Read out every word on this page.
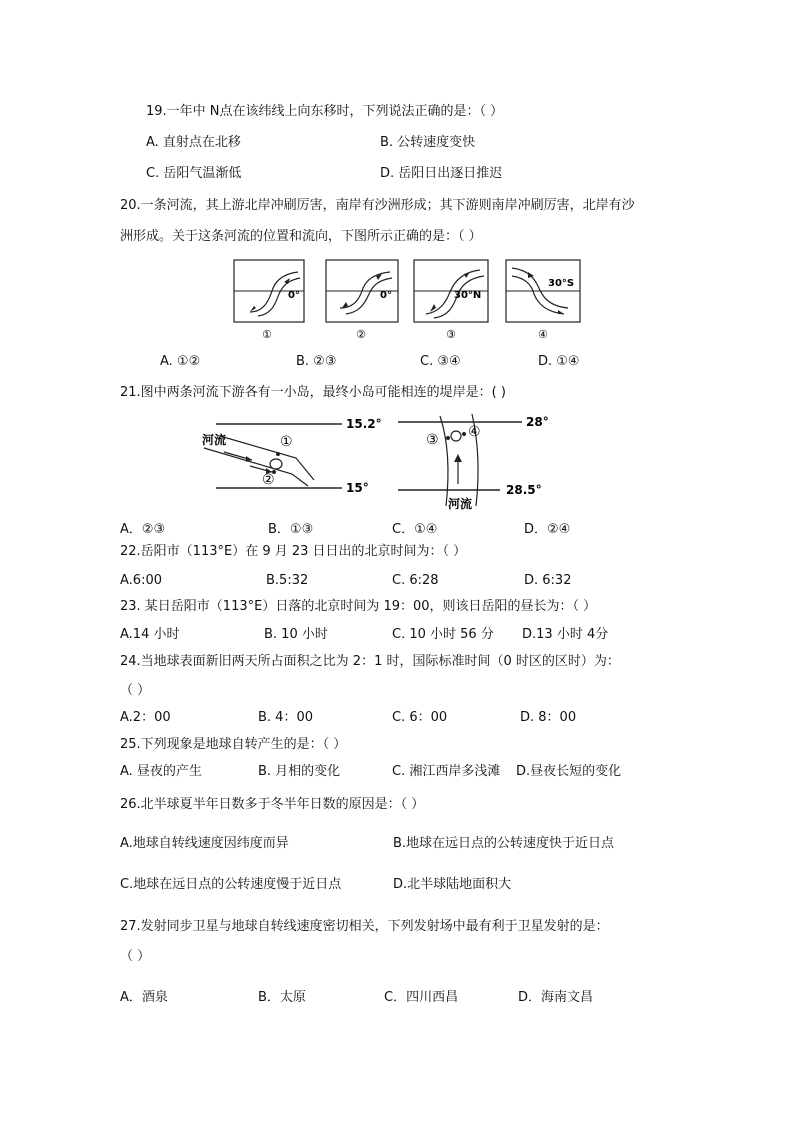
19.一年中 N点在该纬线上向东移时，下列说法正确的是：（ ）
A. 直射点在北移	B. 公转速度变快
C. 岳阳气温渐低	D. 岳阳日出逐日推迟
20.一条河流，其上游北岸冲刷厉害，南岸有沙洲形成；其下游则南岸冲刷厉害，北岸有沙
洲形成。关于这条河流的位置和流向，下图所示正确的是：（ ）
0°
①
0°
②
30°N
③
30°S
④
A. ①②	B. ②③	C. ③④	D. ①④
21.图中两条河流下游各有一小岛，最终小岛可能相连的堤岸是：( )
15.2°
15°
①
②
河流
28°
28.5°
③ ④
河流
A．②③	B．①③	C．①④	D．②④
22.岳阳市（113°E）在 9 月 23 日日出的北京时间为：（ ）
A.6:00	B.5:32	C. 6:28	D. 6:32
23. 某日岳阳市（113°E）日落的北京时间为 19：00，则该日岳阳的昼长为：（ ）
A.14 小时	B. 10 小时	C. 10 小时 56 分 D.13 小时 4分
24.当地球表面新旧两天所占面积之比为 2：1 时，国际标准时间（0 时区的区时）为：
（ ）
A.2：00	B. 4：00	C. 6：00	D. 8：00
25.下列现象是地球自转产生的是：（ ）
A. 昼夜的产生	B. 月相的变化	C. 湘江西岸多浅滩 D.昼夜长短的变化
26.北半球夏半年日数多于冬半年日数的原因是：（ ）
A.地球自转线速度因纬度而异	B.地球在远日点的公转速度快于近日点
C.地球在远日点的公转速度慢于近日点	D.北半球陆地面积大
27.发射同步卫星与地球自转线速度密切相关，下列发射场中最有利于卫星发射的是：
（ ）
A．酒泉	B．太原	C．四川西昌	D．海南文昌
